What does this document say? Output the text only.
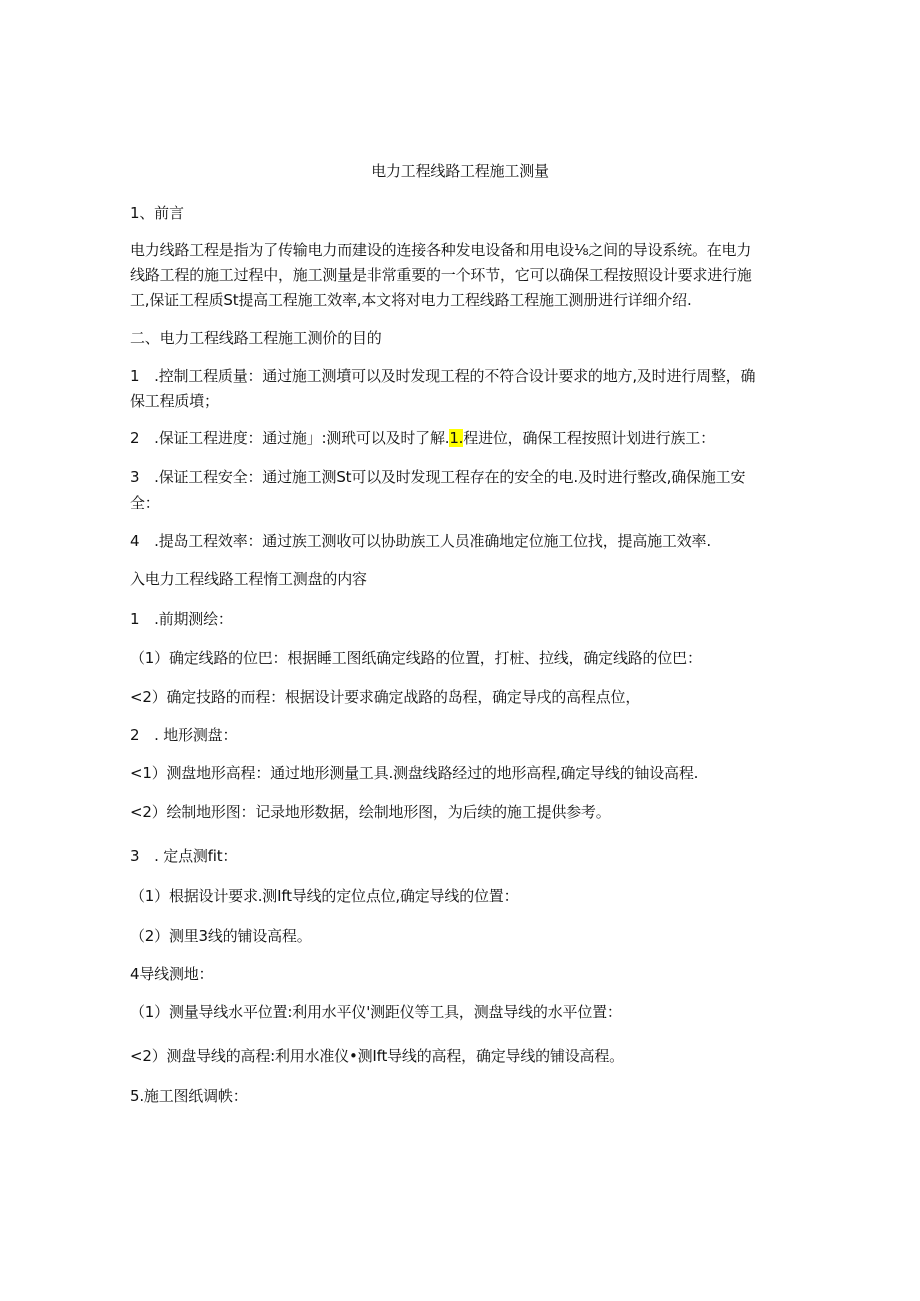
电力工程线路工程施工测量

1、前言

电力线路工程是指为了传输电力而建设的连接各种发电设备和用电设⅛之间的导设系统。在电力

线路工程的施工过程中，施工测量是非常重要的一个环节，它可以确保工程按照设计要求进行施

工,保证工程质St提高工程施工效率,本文将对电力工程线路工程施工测册进行详细介绍.

二、电力工程线路工程施工测价的目的

1　.控制工程质量：通过施工测墳可以及时发现工程的不符合设计要求的地方,及时进行周整，确

保工程质墳；

2　.保证工程进度：通过施」:测玳可以及时了解.1.程进位，确保工程按照计划进行族工：

3　.保证工程安全：通过施工测St可以及时发现工程存在的安全的电.及时进行整改,确保施工安

全：

4　.提岛工程效率：通过族工测收可以协助族工人员准确地定位施工位找，提高施工效率.

入电力工程线路工程惰工测盘的内容

1　.前期测绘：

（1）确定线路的位巴：根据睡工图纸确定线路的位置，打桩、拉线，确定线路的位巴：

<2）确定技路的而程：根据设计要求确定战路的岛程，确定导戌的高程点位，

2　. 地形测盘：

<1）测盘地形高程：通过地形测量工具.测盘线路经过的地形高程,确定导线的铀设高程.

<2）绘制地形图：记录地形数据，绘制地形图，为后续的施工提供参考。

3　. 定点测fit：

（1）根据设计要求.测Ift导线的定位点位,确定导线的位置：

（2）测里3线的铺设高程。

4导线测地：

（1）测量导线水平位置:利用水平仪'测距仪等工具，测盘导线的水平位置：

<2）测盘导线的高程:利用水准仪•测Ift导线的高程，确定导线的铺设高程。

5.施工图纸调帙：
